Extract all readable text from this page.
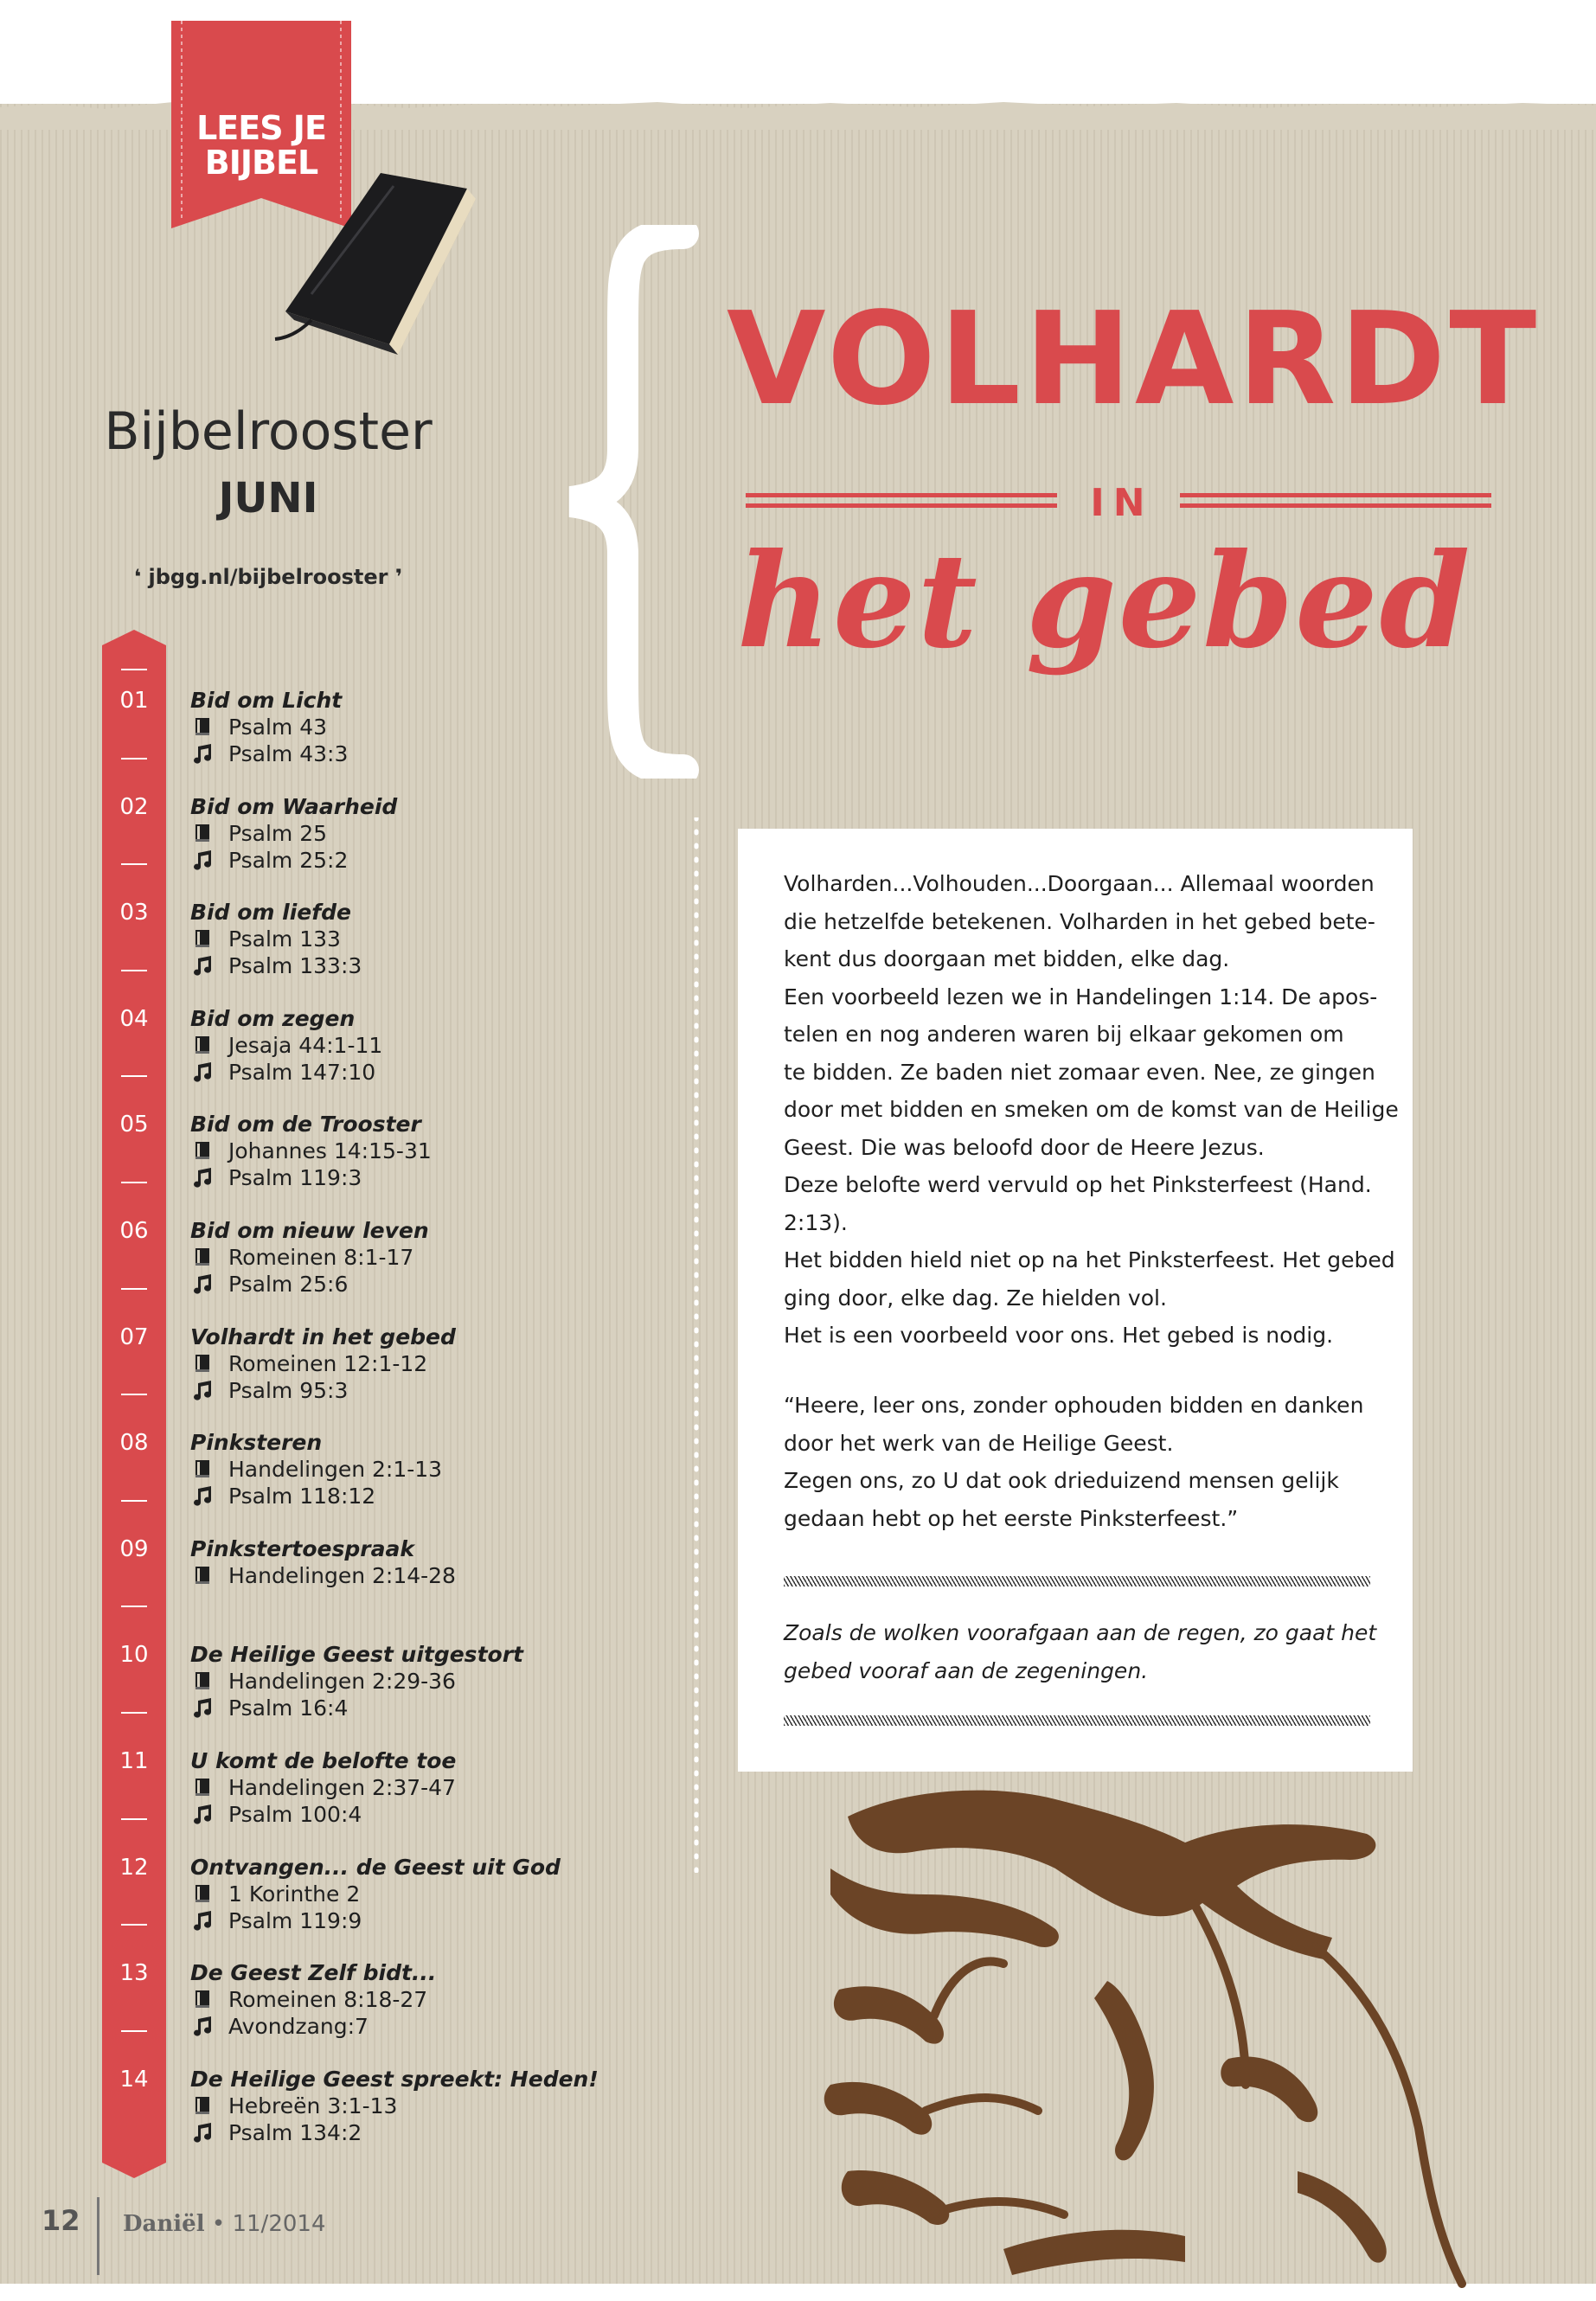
LEES JE
BIJBEL
Bijbelrooster
JUNI
❛ jbgg.nl/bijbelrooster ❜
01	Bid om Licht
Psalm 43
Psalm 43:3
02	Bid om Waarheid
Psalm 25
Psalm 25:2
03	Bid om liefde
Psalm 133
Psalm 133:3
04	Bid om zegen
Jesaja 44:1-11
Psalm 147:10
05	Bid om de Trooster
Johannes 14:15-31
Psalm 119:3
06	Bid om nieuw leven
Romeinen 8:1-17
Psalm 25:6
07	Volhardt in het gebed
Romeinen 12:1-12
Psalm 95:3
08	Pinksteren
Handelingen 2:1-13
Psalm 118:12
09	Pinkstertoespraak
Handelingen 2:14-28
10	De Heilige Geest uitgestort
Handelingen 2:29-36
Psalm 16:4
11	U komt de belofte toe
Handelingen 2:37-47
Psalm 100:4
12	Ontvangen... de Geest uit God
1 Korinthe 2
Psalm 119:9
13	De Geest Zelf bidt...
Romeinen 8:18-27
Avondzang:7
14	De Heilige Geest spreekt: Heden!
Hebreën 3:1-13
Psalm 134:2
VOLHARDT
IN
het gebed

Volharden...Volhouden...Doorgaan... Allemaal woorden

die hetzelfde betekenen. Volharden in het gebed bete-

kent dus doorgaan met bidden, elke dag.

Een voorbeeld lezen we in Handelingen 1:14. De apos-

telen en nog anderen waren bij elkaar gekomen om

te bidden. Ze baden niet zomaar even. Nee, ze gingen

door met bidden en smeken om de komst van de Heilige

Geest. Die was beloofd door de Heere Jezus.

Deze belofte werd vervuld op het Pinksterfeest (Hand.

2:13).

Het bidden hield niet op na het Pinksterfeest. Het gebed

ging door, elke dag. Ze hielden vol.

Het is een voorbeeld voor ons. Het gebed is nodig.

“Heere, leer ons, zonder ophouden bidden en danken

door het werk van de Heilige Geest.

Zegen ons, zo U dat ook drieduizend mensen gelijk

gedaan hebt op het eerste Pinksterfeest.”

Zoals de wolken voorafgaan aan de regen, zo gaat het

gebed vooraf aan de zegeningen.

12 Daniël • 11/2014
